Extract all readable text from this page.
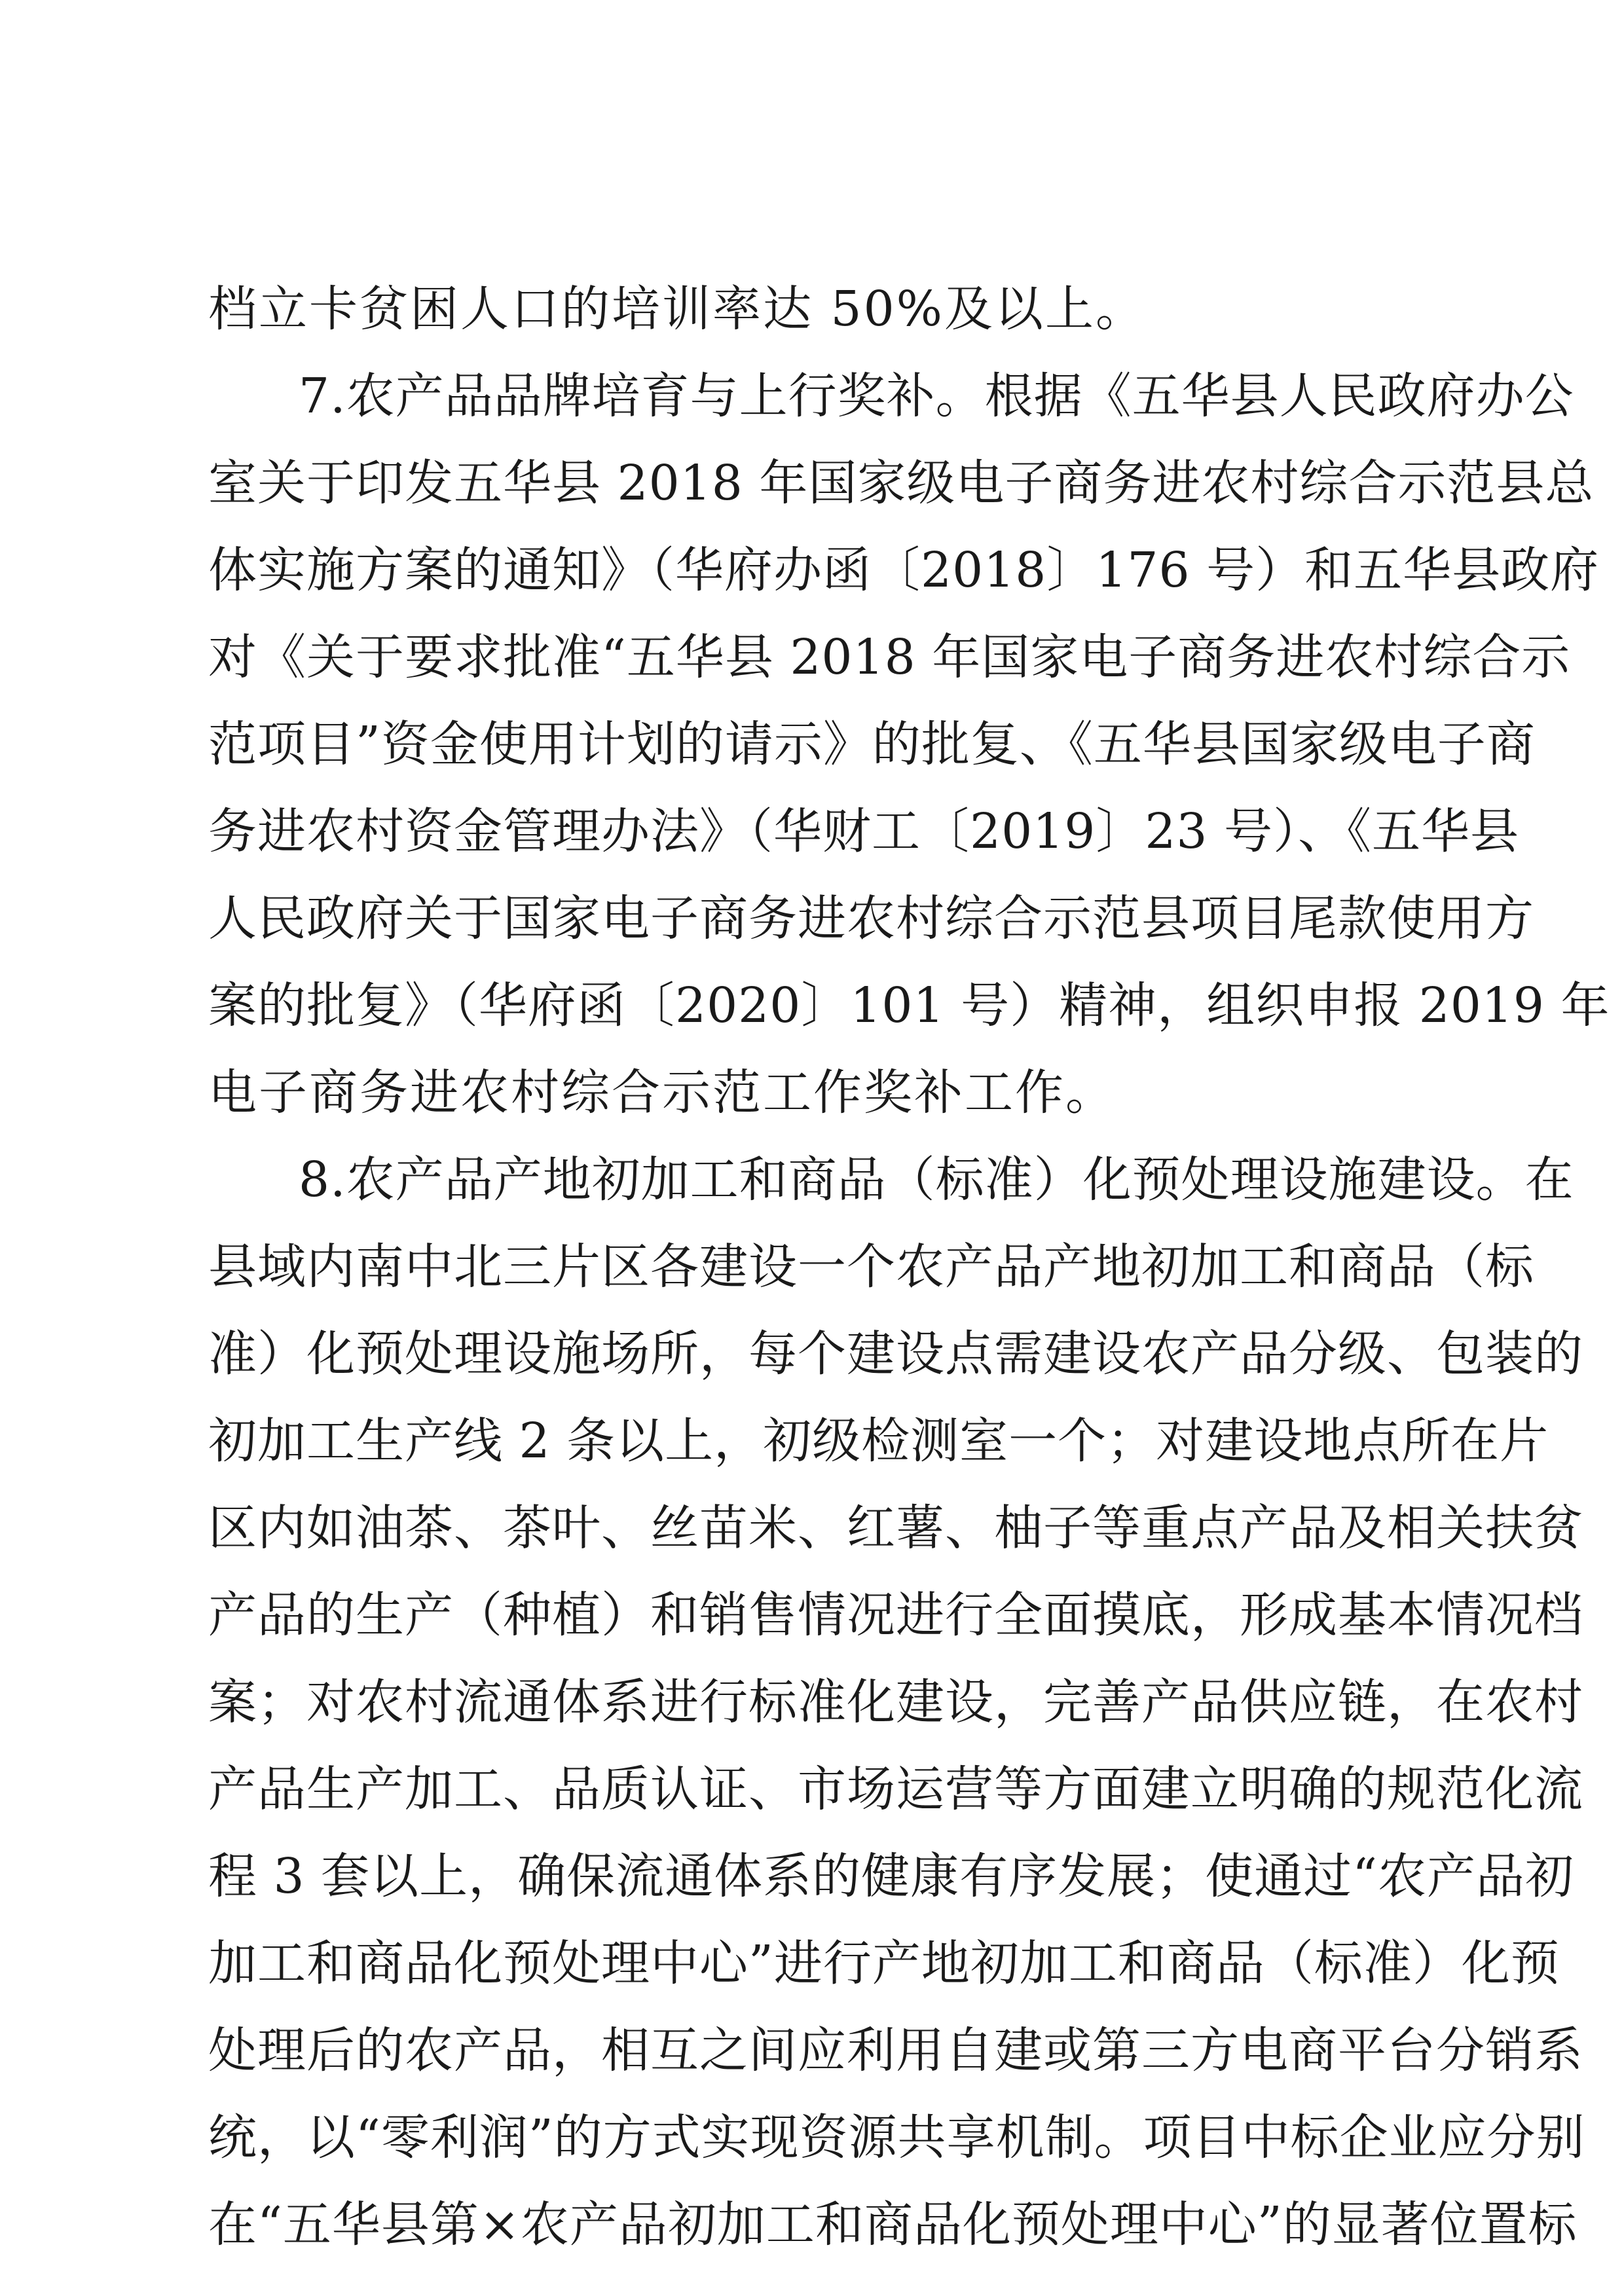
档立卡贫困人口的培训率达 50%及以上。
7.农产品品牌培育与上行奖补。根据《五华县人民政府办公
室关于印发五华县 2018 年国家级电子商务进农村综合示范县总
体实施方案的通知》（华府办函〔2018〕176 号）和五华县政府
对《关于要求批准“五华县 2018 年国家电子商务进农村综合示
范项目”资金使用计划的请示》的批复、《五华县国家级电子商
务进农村资金管理办法》（华财工〔2019〕23 号）、《五华县
人民政府关于国家电子商务进农村综合示范县项目尾款使用方
案的批复》（华府函〔2020〕101 号）精神，组织申报 2019 年
电子商务进农村综合示范工作奖补工作。
8.农产品产地初加工和商品（标准）化预处理设施建设。在
县域内南中北三片区各建设一个农产品产地初加工和商品（标
准）化预处理设施场所，每个建设点需建设农产品分级、包装的
初加工生产线 2 条以上，初级检测室一个；对建设地点所在片
区内如油茶、茶叶、丝苗米、红薯、柚子等重点产品及相关扶贫
产品的生产（种植）和销售情况进行全面摸底，形成基本情况档
案；对农村流通体系进行标准化建设，完善产品供应链，在农村
产品生产加工、品质认证、市场运营等方面建立明确的规范化流
程 3 套以上，确保流通体系的健康有序发展；使通过“农产品初
加工和商品化预处理中心”进行产地初加工和商品（标准）化预
处理后的农产品，相互之间应利用自建或第三方电商平台分销系
统，以“零利润”的方式实现资源共享机制。项目中标企业应分别
在“五华县第×农产品初加工和商品化预处理中心”的显著位置标
